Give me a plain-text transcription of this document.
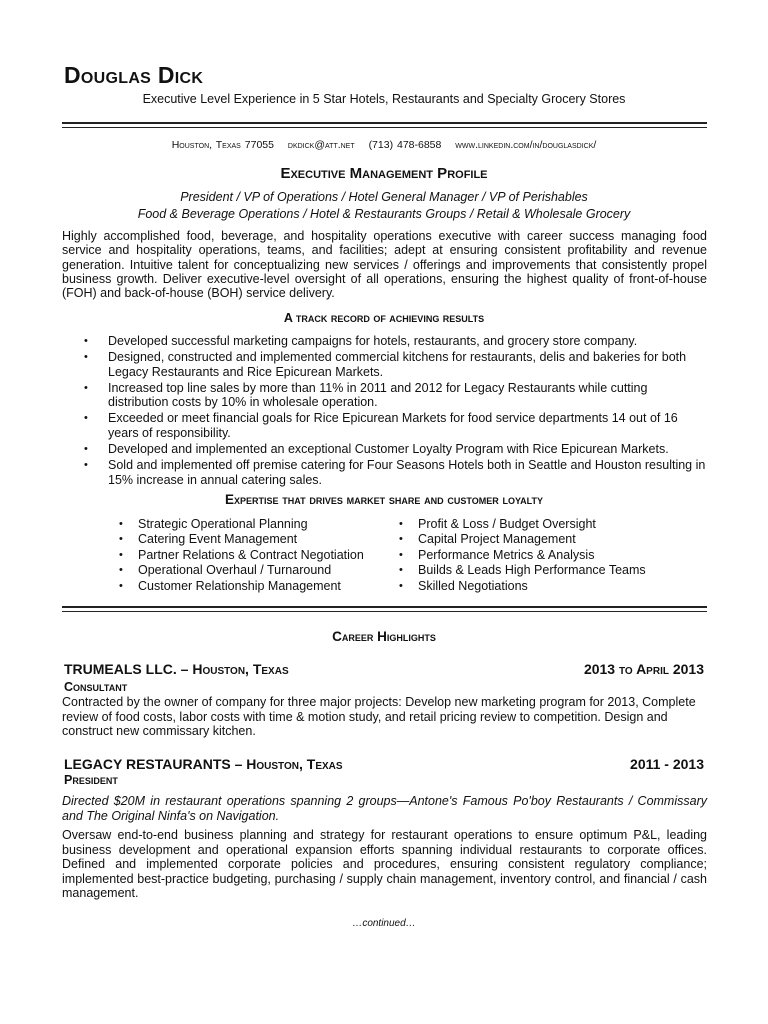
Douglas Dick
Executive Level Experience in 5 Star Hotels, Restaurants and Specialty Grocery Stores
Houston, Texas 77055 dkdick@att.net (713) 478-6858 www.linkedin.com/in/douglasdick/
Executive Management Profile
President / VP of Operations / Hotel General Manager / VP of Perishables
Food & Beverage Operations / Hotel & Restaurants Groups / Retail & Wholesale Grocery

Highly accomplished food, beverage, and hospitality operations executive with career success managing food service and hospitality operations, teams, and facilities; adept at ensuring consistent profitability and revenue generation. Intuitive talent for conceptualizing new services / offerings and improvements that consistently propel business growth. Deliver executive-level oversight of all operations, ensuring the highest quality of front-of-house (FOH) and back-of-house (BOH) service delivery.

A track record of achieving results
• Developed successful marketing campaigns for hotels, restaurants, and grocery store company.
• Designed, constructed and implemented commercial kitchens for restaurants, delis and bakeries for both Legacy Restaurants and Rice Epicurean Markets.
• Increased top line sales by more than 11% in 2011 and 2012 for Legacy Restaurants while cutting distribution costs by 10% in wholesale operation.
• Exceeded or meet financial goals for Rice Epicurean Markets for food service departments 14 out of 16 years of responsibility.
• Developed and implemented an exceptional Customer Loyalty Program with Rice Epicurean Markets.
• Sold and implemented off premise catering for Four Seasons Hotels both in Seattle and Houston resulting in 15% increase in annual catering sales.
Expertise that drives market share and customer loyalty
• Strategic Operational Planning
• Catering Event Management
• Partner Relations & Contract Negotiation
• Operational Overhaul / Turnaround
• Customer Relationship Management
• Profit & Loss / Budget Oversight
• Capital Project Management
• Performance Metrics & Analysis
• Builds & Leads High Performance Teams
• Skilled Negotiations
Career Highlights
TRUMEALS LLC. – Houston, Texas	2013 to April 2013
Consultant

Contracted by the owner of company for three major projects: Develop new marketing program for 2013, Complete review of food costs, labor costs with time & motion study, and retail pricing review to competition. Design and construct new commissary kitchen.

LEGACY RESTAURANTS – Houston, Texas	2011 - 2013
President

Directed $20M in restaurant operations spanning 2 groups—Antone's Famous Po'boy Restaurants / Commissary and The Original Ninfa's on Navigation.

Oversaw end-to-end business planning and strategy for restaurant operations to ensure optimum P&L, leading business development and operational expansion efforts spanning individual restaurants to corporate offices. Defined and implemented corporate policies and procedures, ensuring consistent regulatory compliance; implemented best-practice budgeting, purchasing / supply chain management, inventory control, and financial / cash management.

…continued…
